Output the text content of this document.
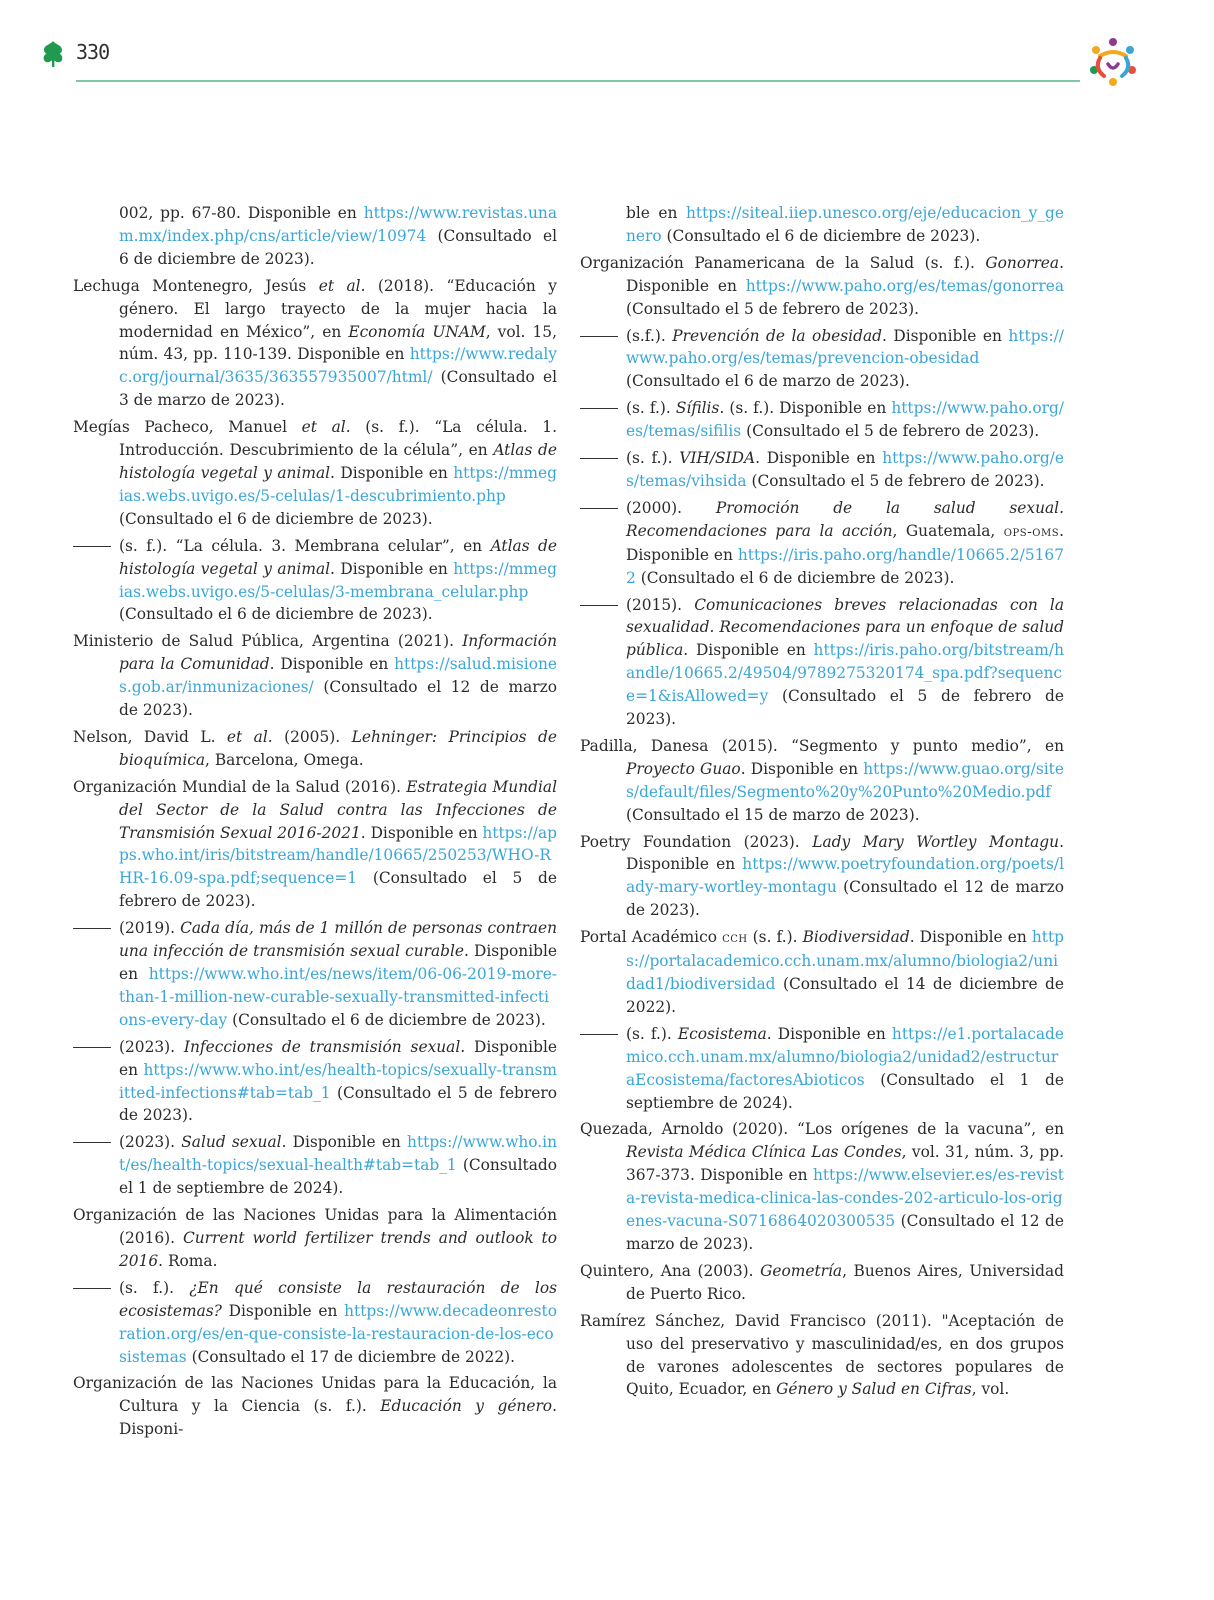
330

002, pp. 67-80. Disponible en https://www.revistas.unam.mx/index.php/cns/article/view/10974 (Consultado el 6 de diciembre de 2023).

Lechuga Montenegro, Jesús et al. (2018). “Educación y género. El largo trayecto de la mujer hacia la modernidad en México”, en Economía UNAM, vol. 15, núm. 43, pp. 110-139. Disponible en https://www.redalyc.org/journal/3635/363557935007/html/ (Consultado el 3 de marzo de 2023).

Megías Pacheco, Manuel et al. (s. f.). “La célula. 1. Introducción. Descubrimiento de la célula”, en Atlas de histología vegetal y animal. Disponible en https://mmegias.webs.uvigo.es/5-celulas/1-descubrimiento.php (Consultado el 6 de diciembre de 2023).

(s. f.). “La célula. 3. Membrana celular”, en Atlas de histología vegetal y animal. Disponible en https://mmegias.webs.uvigo.es/5-celulas/3-membrana_celular.php (Consultado el 6 de diciembre de 2023).

Ministerio de Salud Pública, Argentina (2021). Información para la Comunidad. Disponible en https://salud.misiones.gob.ar/inmunizaciones/ (Consultado el 12 de marzo de 2023).

Nelson, David L. et al. (2005). Lehninger: Principios de bioquímica, Barcelona, Omega.

Organización Mundial de la Salud (2016). Estrategia Mundial del Sector de la Salud contra las Infecciones de Transmisión Sexual 2016-2021. Disponible en https://apps.who.int/iris/bitstream/handle/10665/250253/WHO-RHR-16.09-spa.pdf;sequence=1 (Consultado el 5 de febrero de 2023).

(2019). Cada día, más de 1 millón de personas contraen una infección de transmisión sexual curable. Disponible en https://www.who.int/es/news/item/06-06-2019-more-than-1-million-new-curable-sexually-transmitted-infections-every-day (Consultado el 6 de diciembre de 2023).

(2023). Infecciones de transmisión sexual. Disponible en https://www.who.int/es/health-topics/sexually-transmitted-infections#tab=tab_1 (Consultado el 5 de febrero de 2023).

(2023). Salud sexual. Disponible en https://www.who.int/es/health-topics/sexual-health#tab=tab_1 (Consultado el 1 de septiembre de 2024).

Organización de las Naciones Unidas para la Alimentación (2016). Current world fertilizer trends and outlook to 2016. Roma.

(s. f.). ¿En qué consiste la restauración de los ecosistemas? Disponible en https://www.decadeonrestoration.org/es/en-que-consiste-la-restauracion-de-los-ecosistemas (Consultado el 17 de diciembre de 2022).

Organización de las Naciones Unidas para la Educación, la Cultura y la Ciencia (s. f.). Educación y género. Disponi-

ble en https://siteal.iiep.unesco.org/eje/educacion_y_genero (Consultado el 6 de diciembre de 2023).

Organización Panamericana de la Salud (s. f.). Gonorrea. Disponible en https://www.paho.org/es/temas/gonorrea (Consultado el 5 de febrero de 2023).

(s.f.). Prevención de la obesidad. Disponible en https://www.paho.org/es/temas/prevencion-obesidad (Consultado el 6 de marzo de 2023).

(s. f.). Sífilis. (s. f.). Disponible en https://www.paho.org/es/temas/sifilis (Consultado el 5 de febrero de 2023).

(s. f.). VIH/SIDA. Disponible en https://www.paho.org/es/temas/vihsida (Consultado el 5 de febrero de 2023).

(2000). Promoción de la salud sexual. Recomendaciones para la acción, Guatemala, ops-oms. Disponible en https://iris.paho.org/handle/10665.2/51672 (Consultado el 6 de diciembre de 2023).

(2015). Comunicaciones breves relacionadas con la sexualidad. Recomendaciones para un enfoque de salud pública. Disponible en https://iris.paho.org/bitstream/handle/10665.2/49504/9789275320174_spa.pdf?sequence=1&isAllowed=y (Consultado el 5 de febrero de 2023).

Padilla, Danesa (2015). “Segmento y punto medio”, en Proyecto Guao. Disponible en https://www.guao.org/sites/default/files/Segmento%20y%20Punto%20Medio.pdf (Consultado el 15 de marzo de 2023).

Poetry Foundation (2023). Lady Mary Wortley Montagu. Disponible en https://www.poetryfoundation.org/poets/lady-mary-wortley-montagu (Consultado el 12 de marzo de 2023).

Portal Académico cch (s. f.). Biodiversidad. Disponible en https://portalacademico.cch.unam.mx/alumno/biologia2/unidad1/biodiversidad (Consultado el 14 de diciembre de 2022).

(s. f.). Ecosistema. Disponible en https://e1.portalacademico.cch.unam.mx/alumno/biologia2/unidad2/estructuraEcosistema/factoresAbioticos (Consultado el 1 de septiembre de 2024).

Quezada, Arnoldo (2020). “Los orígenes de la vacuna”, en Revista Médica Clínica Las Condes, vol. 31, núm. 3, pp. 367-373. Disponible en https://www.elsevier.es/es-revista-revista-medica-clinica-las-condes-202-articulo-los-origenes-vacuna-S0716864020300535 (Consultado el 12 de marzo de 2023).

Quintero, Ana (2003). Geometría, Buenos Aires, Universidad de Puerto Rico.

Ramírez Sánchez, David Francisco (2011). "Aceptación de uso del preservativo y masculinidad/es, en dos grupos de varones adolescentes de sectores populares de Quito, Ecuador, en Género y Salud en Cifras, vol.
